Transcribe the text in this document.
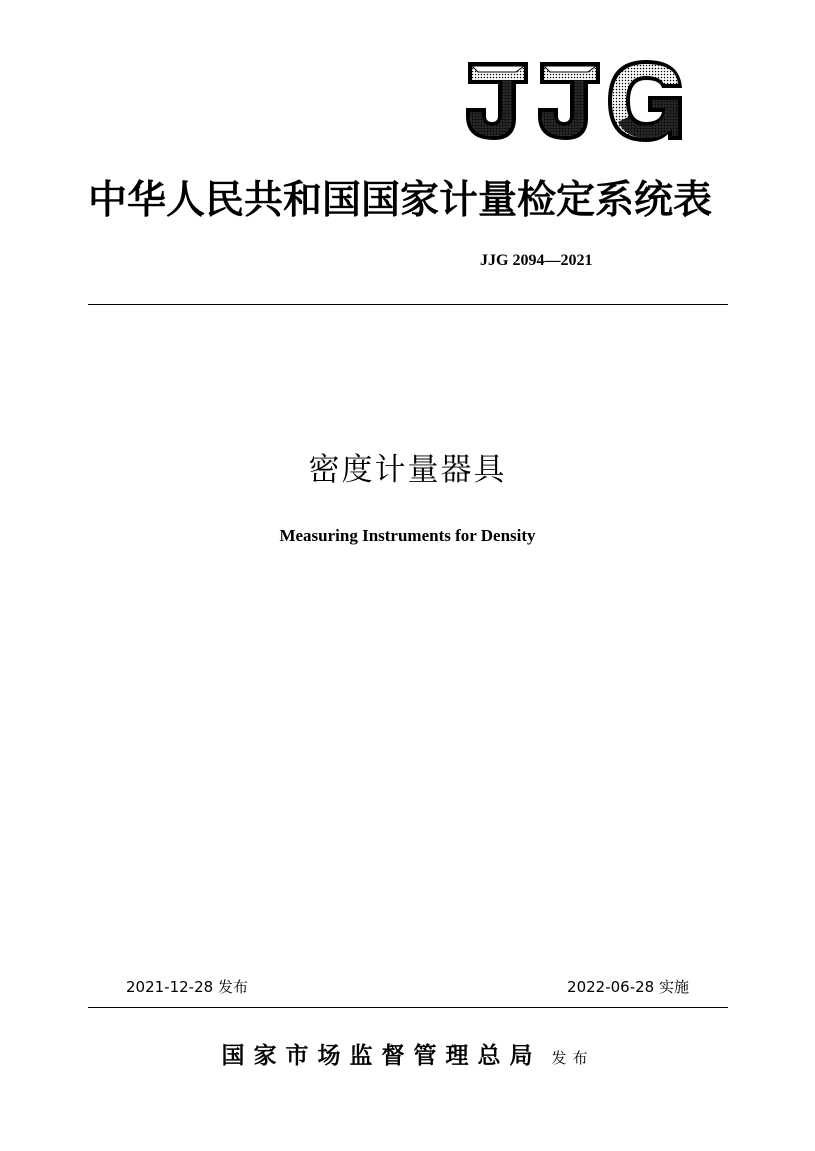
中华人民共和国国家计量检定系统表
JJG 2094—2021
密度计量器具
Measuring Instruments for Density
2021-12-28 发布	2022-06-28 实施
国家市场监督管理总局 发布
